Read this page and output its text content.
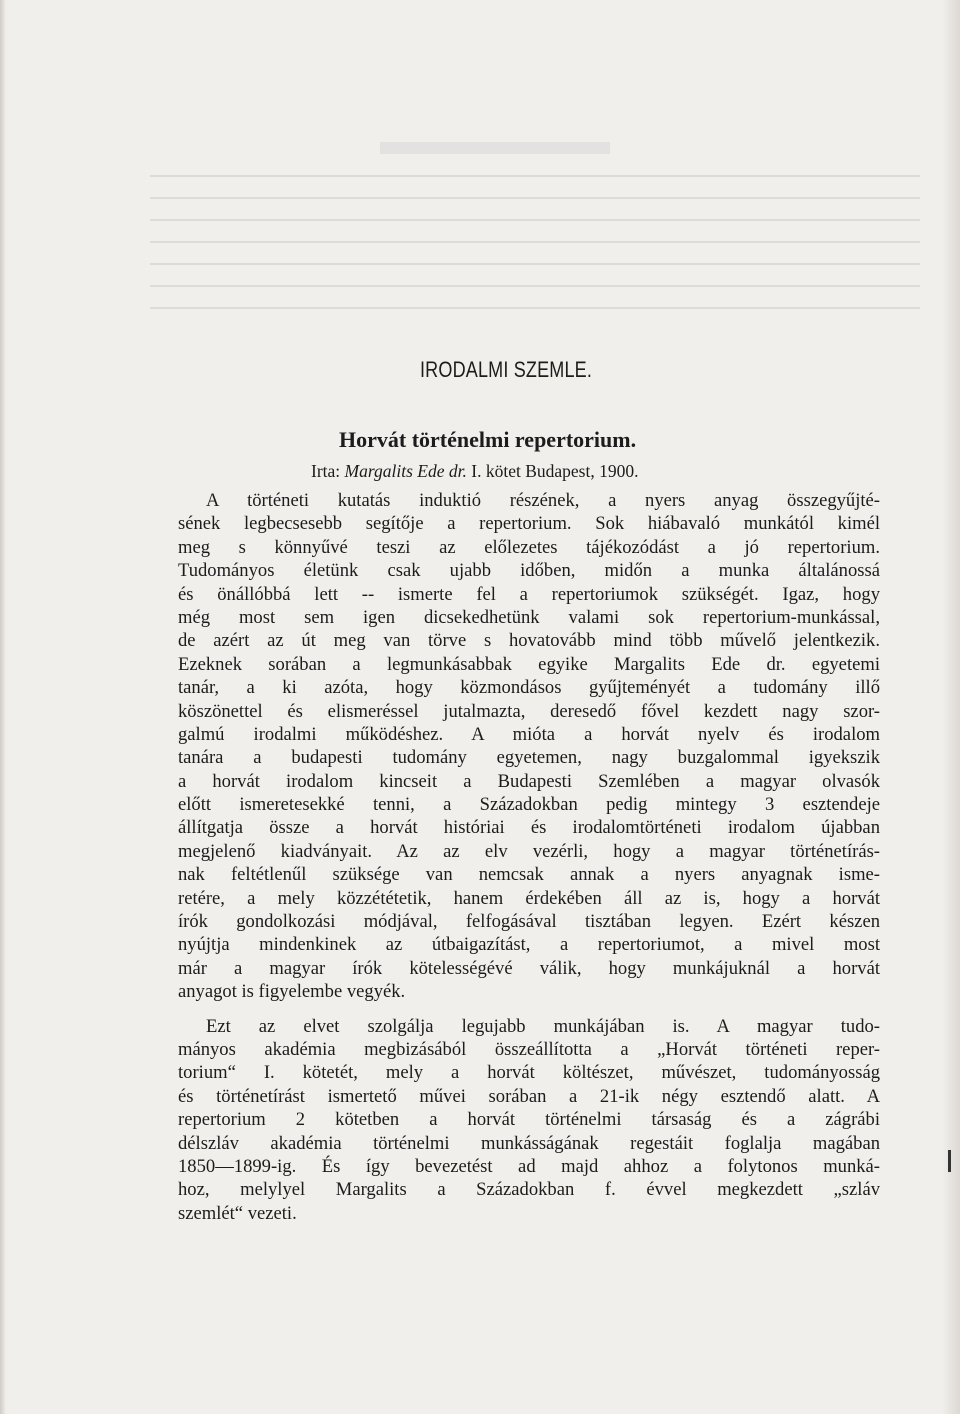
IRODALMI SZEMLE.
Horvát történelmi repertorium.
Irta: Margalits Ede dr. I. kötet Budapest, 1900.
A történeti kutatás induktió részének, a nyers anyag összegyűjté-
sének legbecsesebb segítője a repertorium. Sok hiábavaló munkától kimél
meg s könnyűvé teszi az előlezetes tájékozódást a jó repertorium.
Tudományos életünk csak ujabb időben, midőn a munka általánossá
és önállóbbá lett -- ismerte fel a repertoriumok szükségét. Igaz, hogy
még most sem igen dicsekedhetünk valami sok repertorium-munkással,
de azért az út meg van törve s hovatovább mind több művelő jelentkezik.
Ezeknek sorában a legmunkásabbak egyike Margalits Ede dr. egyetemi
tanár, a ki azóta, hogy közmondásos gyűjteményét a tudomány illő
köszönettel és elismeréssel jutalmazta, deresedő fővel kezdett nagy szor-
galmú irodalmi működéshez. A mióta a horvát nyelv és irodalom
tanára a budapesti tudomány egyetemen, nagy buzgalommal igyekszik
a horvát irodalom kincseit a Budapesti Szemlében a magyar olvasók
előtt ismeretesekké tenni, a Századokban pedig mintegy 3 esztendeje
állítgatja össze a horvát históriai és irodalomtörténeti irodalom újabban
megjelenő kiadványait. Az az elv vezérli, hogy a magyar történetírás-
nak feltétlenűl szüksége van nemcsak annak a nyers anyagnak isme-
retére, a mely közzététetik, hanem érdekében áll az is, hogy a horvát
írók gondolkozási módjával, felfogásával tisztában legyen. Ezért készen
nyújtja mindenkinek az útbaigazítást, a repertoriumot, a mivel most
már a magyar írók kötelességévé válik, hogy munkájuknál a horvát
anyagot is figyelembe vegyék.
Ezt az elvet szolgálja legujabb munkájában is. A magyar tudo-
mányos akadémia megbizásából összeállította a „Horvát történeti reper-
torium“ I. kötetét, mely a horvát költészet, művészet, tudományosság
és történetírást ismertető művei sorában a 21-ik négy esztendő alatt. A
repertorium 2 kötetben a horvát történelmi társaság és a zágrábi
délszláv akadémia történelmi munkásságának regestáit foglalja magában
1850—1899-ig. És így bevezetést ad majd ahhoz a folytonos munká-
hoz, melylyel Margalits a Századokban f. évvel megkezdett „szláv
szemlét“ vezeti.
